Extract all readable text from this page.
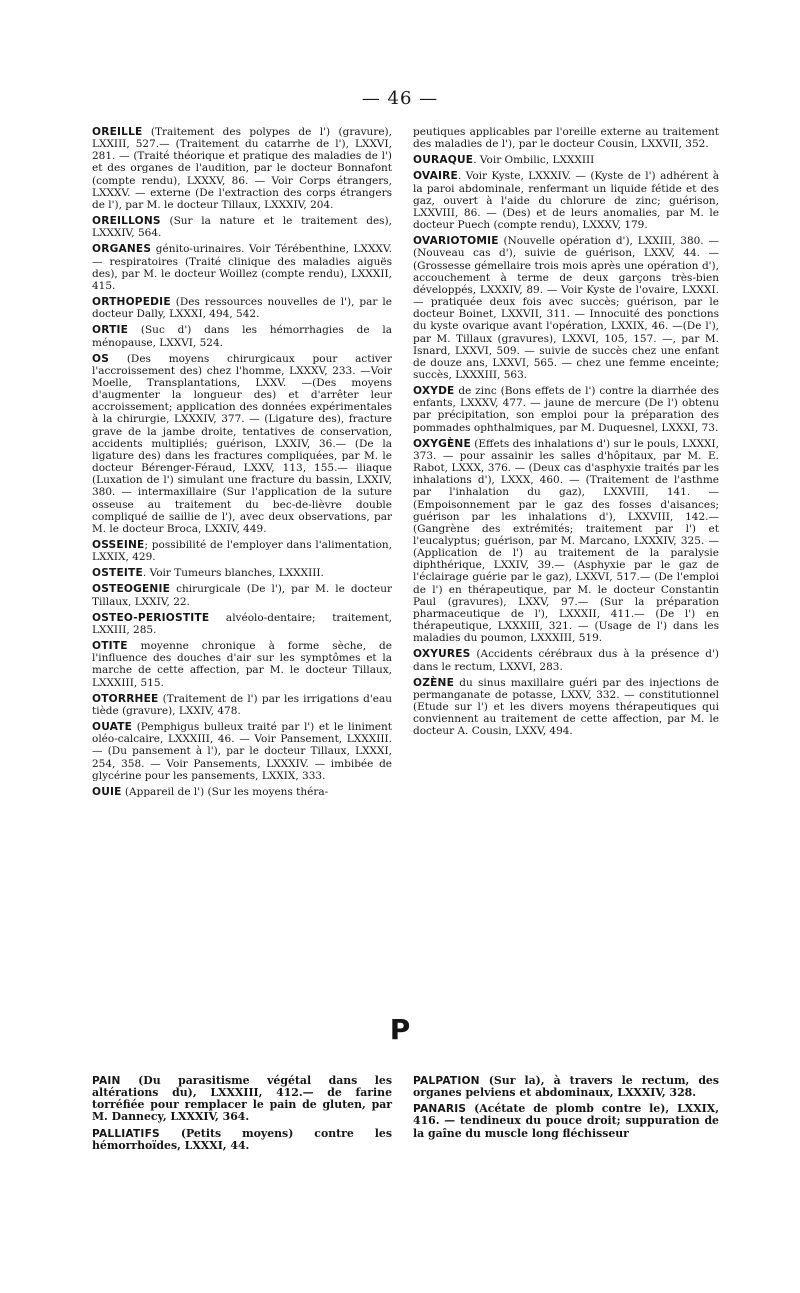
— 46 —

OREILLE (Traitement des polypes de l') (gravure), LXXIII, 527.— (Traitement du catarrhe de l'), LXXVI, 281. — (Traité théorique et pratique des maladies de l') et des organes de l'audition, par le docteur Bonnafont (compte rendu), LXXXV, 86. — Voir Corps étrangers, LXXXV. — externe (De l'extraction des corps étrangers de l'), par M. le docteur Tillaux, LXXXIV, 204.

OREILLONS (Sur la nature et le traitement des), LXXXIV, 564.

ORGANES génito-urinaires. Voir Térébenthine, LXXXV. — respiratoires (Traité clinique des maladies aiguës des), par M. le docteur Woillez (compte rendu), LXXXII, 415.

ORTHOPEDIE (Des ressources nouvelles de l'), par le docteur Dally, LXXXI, 494, 542.

ORTIE (Suc d') dans les hémorrhagies de la ménopause, LXXVI, 524.

OS (Des moyens chirurgicaux pour activer l'accroissement des) chez l'homme, LXXXV, 233. —Voir Moelle, Transplantations, LXXV. —(Des moyens d'augmenter la longueur des) et d'arrêter leur accroissement; application des données expérimentales à la chirurgie, LXXXIV, 377. — (Ligature des), fracture grave de la jambe droite, tentatives de conservation, accidents multipliés; guérison, LXXIV, 36.— (De la ligature des) dans les fractures compliquées, par M. le docteur Bérenger-Féraud, LXXV, 113, 155.— iliaque (Luxation de l') simulant une fracture du bassin, LXXIV, 380. — intermaxillaire (Sur l'application de la suture osseuse au traitement du bec-de-lièvre double compliqué de saillie de l'), avec deux observations, par M. le docteur Broca, LXXIV, 449.

OSSEINE; possibilité de l'employer dans l'alimentation, LXXIX, 429.

OSTEITE. Voir Tumeurs blanches, LXXXIII.

OSTEOGENIE chirurgicale (De l'), par M. le docteur Tillaux, LXXIV, 22.

OSTEO-PERIOSTITE alvéolo-dentaire; traitement, LXXIII, 285.

OTITE moyenne chronique à forme sèche, de l'influence des douches d'air sur les symptômes et la marche de cette affection, par M. le docteur Tillaux, LXXXIII, 515.

OTORRHEE (Traitement de l') par les irrigations d'eau tiède (gravure), LXXIV, 478.

OUATE (Pemphigus bulleux traité par l') et le liniment oléo-calcaire, LXXXIII, 46. — Voir Pansement, LXXXIII. — (Du pansement à l'), par le docteur Tillaux, LXXXI, 254, 358. — Voir Pansements, LXXXIV. — imbibée de glycérine pour les pansements, LXXIX, 333.

OUIE (Appareil de l') (Sur les moyens théra-

peutiques applicables par l'oreille externe au traitement des maladies de l'), par le docteur Cousin, LXXVII, 352.

OURAQUE. Voir Ombilic, LXXXIII

OVAIRE. Voir Kyste, LXXXIV. — (Kyste de l') adhérent à la paroi abdominale, renfermant un liquide fétide et des gaz, ouvert à l'aide du chlorure de zinc; guérison, LXXVIII, 86. — (Des) et de leurs anomalies, par M. le docteur Puech (compte rendu), LXXXV, 179.

OVARIOTOMIE (Nouvelle opération d'), LXXIII, 380. — (Nouveau cas d'), suivie de guérison, LXXV, 44. — (Grossesse gémellaire trois mois après une opération d'), accouchement à terme de deux garçons très-bien développés, LXXXIV, 89. — Voir Kyste de l'ovaire, LXXXI. — pratiquée deux fois avec succès; guérison, par le docteur Boinet, LXXVII, 311. — Innocuité des ponctions du kyste ovarique avant l'opération, LXXIX, 46. —(De l'), par M. Tillaux (gravures), LXXVI, 105, 157. —, par M. Isnard, LXXVI, 509. — suivie de succès chez une enfant de douze ans, LXXVI, 565. — chez une femme enceinte; succès, LXXXIII, 563.

OXYDE de zinc (Bons effets de l') contre la diarrhée des enfants, LXXXV, 477. — jaune de mercure (De l') obtenu par précipitation, son emploi pour la préparation des pommades ophthalmiques, par M. Duquesnel, LXXXI, 73.

OXYGÈNE (Effets des inhalations d') sur le pouls, LXXXI, 373. — pour assainir les salles d'hôpitaux, par M. E. Rabot, LXXX, 376. — (Deux cas d'asphyxie traités par les inhalations d'), LXXX, 460. — (Traitement de l'asthme par l'inhalation du gaz), LXXVIII, 141. — (Empoisonnement par le gaz des fosses d'aisances; guérison par les inhalations d'), LXXVIII, 142.—(Gangrène des extrémités; traitement par l') et l'eucalyptus; guérison, par M. Marcano, LXXXIV, 325. — (Application de l') au traitement de la paralysie diphthérique, LXXIV, 39.— (Asphyxie par le gaz de l'éclairage guérie par le gaz), LXXVI, 517.— (De l'emploi de l') en thérapeutique, par M. le docteur Constantin Paul (gravures), LXXV, 97.— (Sur la préparation pharmaceutique de l'), LXXXII, 411.— (De l') en thérapeutique, LXXXIII, 321. — (Usage de l') dans les maladies du poumon, LXXXIII, 519.

OXYURES (Accidents cérébraux dus à la présence d') dans le rectum, LXXVI, 283.

OZÈNE du sinus maxillaire guéri par des injections de permanganate de potasse, LXXV, 332. — constitutionnel (Etude sur l') et les divers moyens thérapeutiques qui conviennent au traitement de cette affection, par M. le docteur A. Cousin, LXXV, 494.

P

PAIN (Du parasitisme végétal dans les altérations du), LXXXIII, 412.— de farine torréfiée pour remplacer le pain de gluten, par M. Dannecy, LXXXIV, 364.

PALLIATIFS (Petits moyens) contre les hémorrhoïdes, LXXXI, 44.

PALPATION (Sur la), à travers le rectum, des organes pelviens et abdominaux, LXXXIV, 328.

PANARIS (Acétate de plomb contre le), LXXIX, 416. — tendineux du pouce droit; suppuration de la gaîne du muscle long fléchisseur
